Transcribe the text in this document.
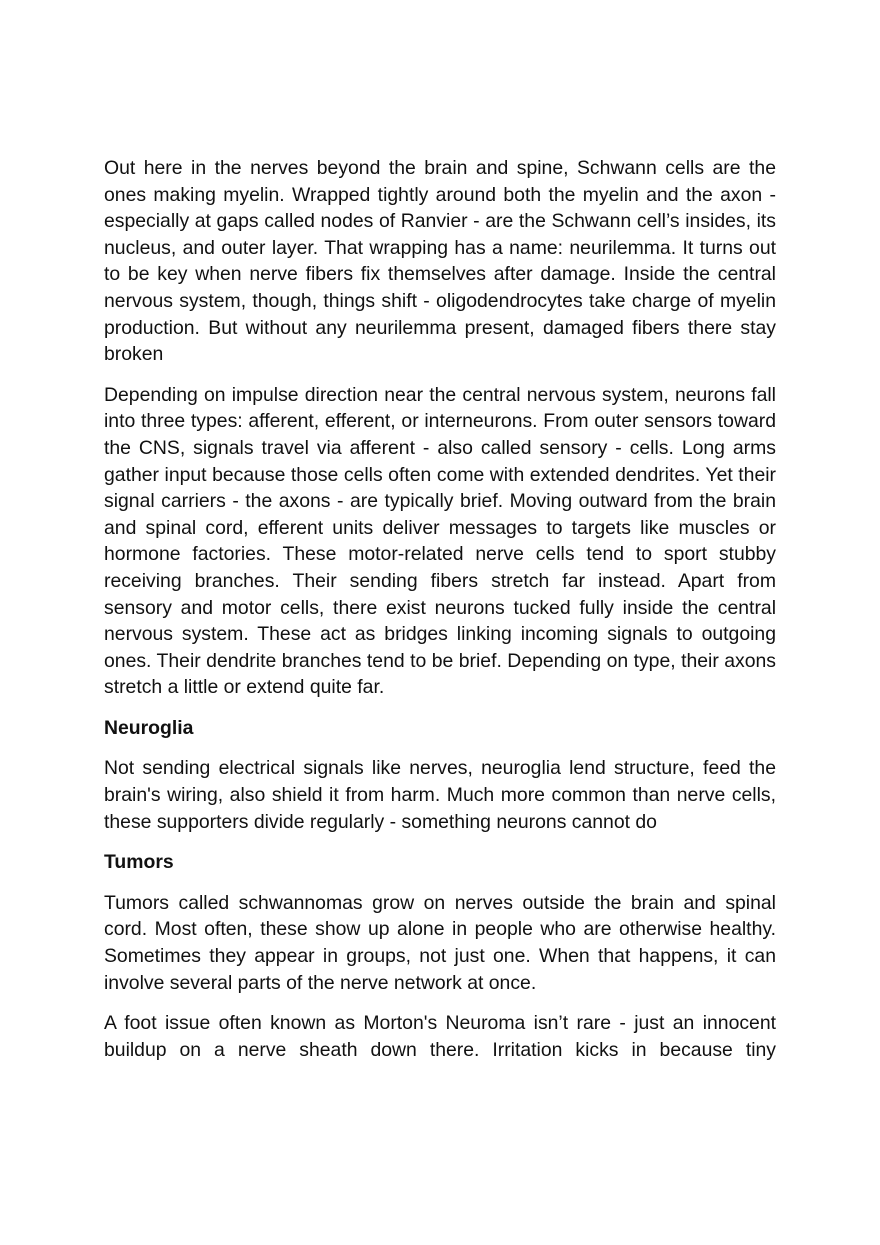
Out here in the nerves beyond the brain and spine, Schwann cells are the ones making myelin. Wrapped tightly around both the myelin and the axon - especially at gaps called nodes of Ranvier - are the Schwann cell’s insides, its nucleus, and outer layer. That wrapping has a name: neurilemma. It turns out to be key when nerve fibers fix themselves after damage. Inside the central nervous system, though, things shift - oligodendrocytes take charge of myelin production. But without any neurilemma present, damaged fibers there stay broken

Depending on impulse direction near the central nervous system, neurons fall into three types: afferent, efferent, or interneurons. From outer sensors toward the CNS, signals travel via afferent - also called sensory - cells. Long arms gather input because those cells often come with extended dendrites. Yet their signal carriers - the axons - are typically brief. Moving outward from the brain and spinal cord, efferent units deliver messages to targets like muscles or hormone factories. These motor-related nerve cells tend to sport stubby receiving branches. Their sending fibers stretch far instead. Apart from sensory and motor cells, there exist neurons tucked fully inside the central nervous system. These act as bridges linking incoming signals to outgoing ones. Their dendrite branches tend to be brief. Depending on type, their axons stretch a little or extend quite far.

Neuroglia

Not sending electrical signals like nerves, neuroglia lend structure, feed the brain's wiring, also shield it from harm. Much more common than nerve cells, these supporters divide regularly - something neurons cannot do

Tumors

Tumors called schwannomas grow on nerves outside the brain and spinal cord. Most often, these show up alone in people who are otherwise healthy. Sometimes they appear in groups, not just one. When that happens, it can involve several parts of the nerve network at once.

A foot issue often known as Morton's Neuroma isn’t rare - just an innocent buildup on a nerve sheath down there. Irritation kicks in because tiny
